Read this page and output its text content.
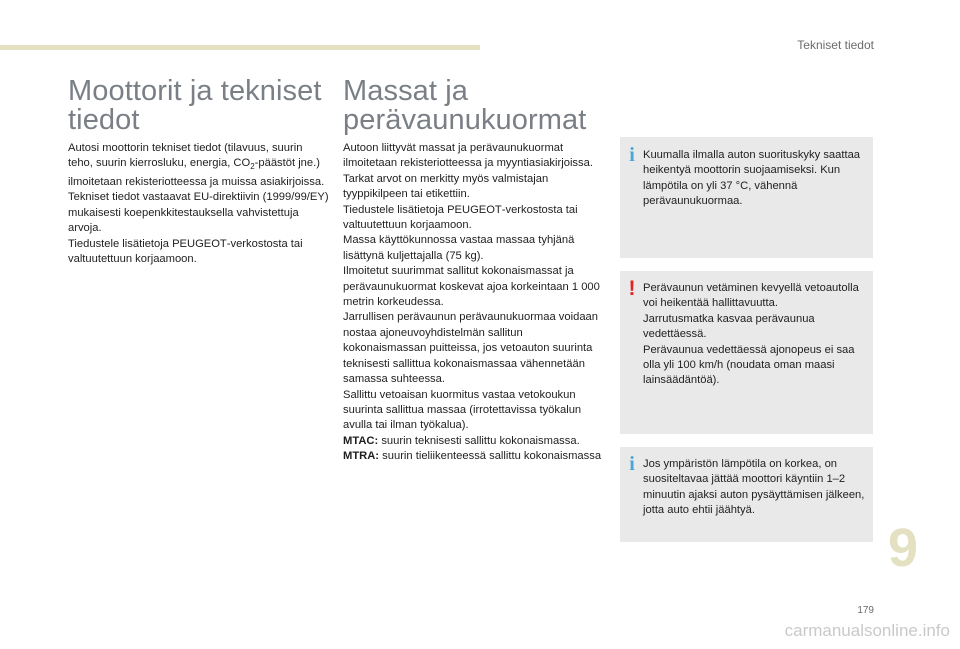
Tekniset tiedot
Moottorit ja tekniset
tiedot

Autosi moottorin tekniset tiedot (tilavuus, suurin teho, suurin kierrosluku, energia, $CO_2$-päästöt jne.) ilmoitetaan rekisteriotteessa ja muissa asiakirjoissa.

Tekniset tiedot vastaavat EU-direktiivin (1999/99/EY) mukaisesti koepenkkitestauksella vahvistettuja arvoja.

Tiedustele lisätietoja PEUGEOT-verkostosta tai valtuutettuun korjaamoon.

Massat ja
perävaunukuormat

Autoon liittyvät massat ja perävaunukuormat ilmoitetaan rekisteriotteessa ja myyntiasiakirjoissa.

Tarkat arvot on merkitty myös valmistajan tyyppikilpeen tai etikettiin.

Tiedustele lisätietoja PEUGEOT-verkostosta tai valtuutettuun korjaamoon.

Massa käyttökunnossa vastaa massaa tyhjänä lisättynä kuljettajalla (75 kg).

Ilmoitetut suurimmat sallitut kokonaismassat ja perävaunukuormat koskevat ajoa korkeintaan 1 000 metrin korkeudessa.

Jarrullisen perävaunun perävaunukuormaa voidaan nostaa ajoneuvoyhdistelmän sallitun kokonaismassan puitteissa, jos vetoauton suurinta teknisesti sallittua kokonaismassaa vähennetään samassa suhteessa.

Sallittu vetoaisan kuormitus vastaa vetokoukun suurinta sallittua massaa (irrotettavissa työkalun avulla tai ilman työkalua).

MTAC: suurin teknisesti sallittu kokonaismassa.

MTRA: suurin tieliikenteessä sallittu kokonaismassa

i Kuumalla ilmalla auton suorituskyky saattaa heikentyä moottorin suojaamiseksi. Kun lämpötila on yli 37 °C, vähennä perävaunukuormaa.

! Perävaunun vetäminen kevyellä vetoautolla voi heikentää hallittavuutta.

Jarrutusmatka kasvaa perävaunua vedettäessä.

Perävaunua vedettäessä ajonopeus ei saa olla yli 100 km/h (noudata oman maasi lainsäädäntöä).

i Jos ympäristön lämpötila on korkea, on suositeltavaa jättää moottori käyntiin 1–2 minuutin ajaksi auton pysäyttämisen jälkeen, jotta auto ehtii jäähtyä.

9
179
carmanualsonline.info
